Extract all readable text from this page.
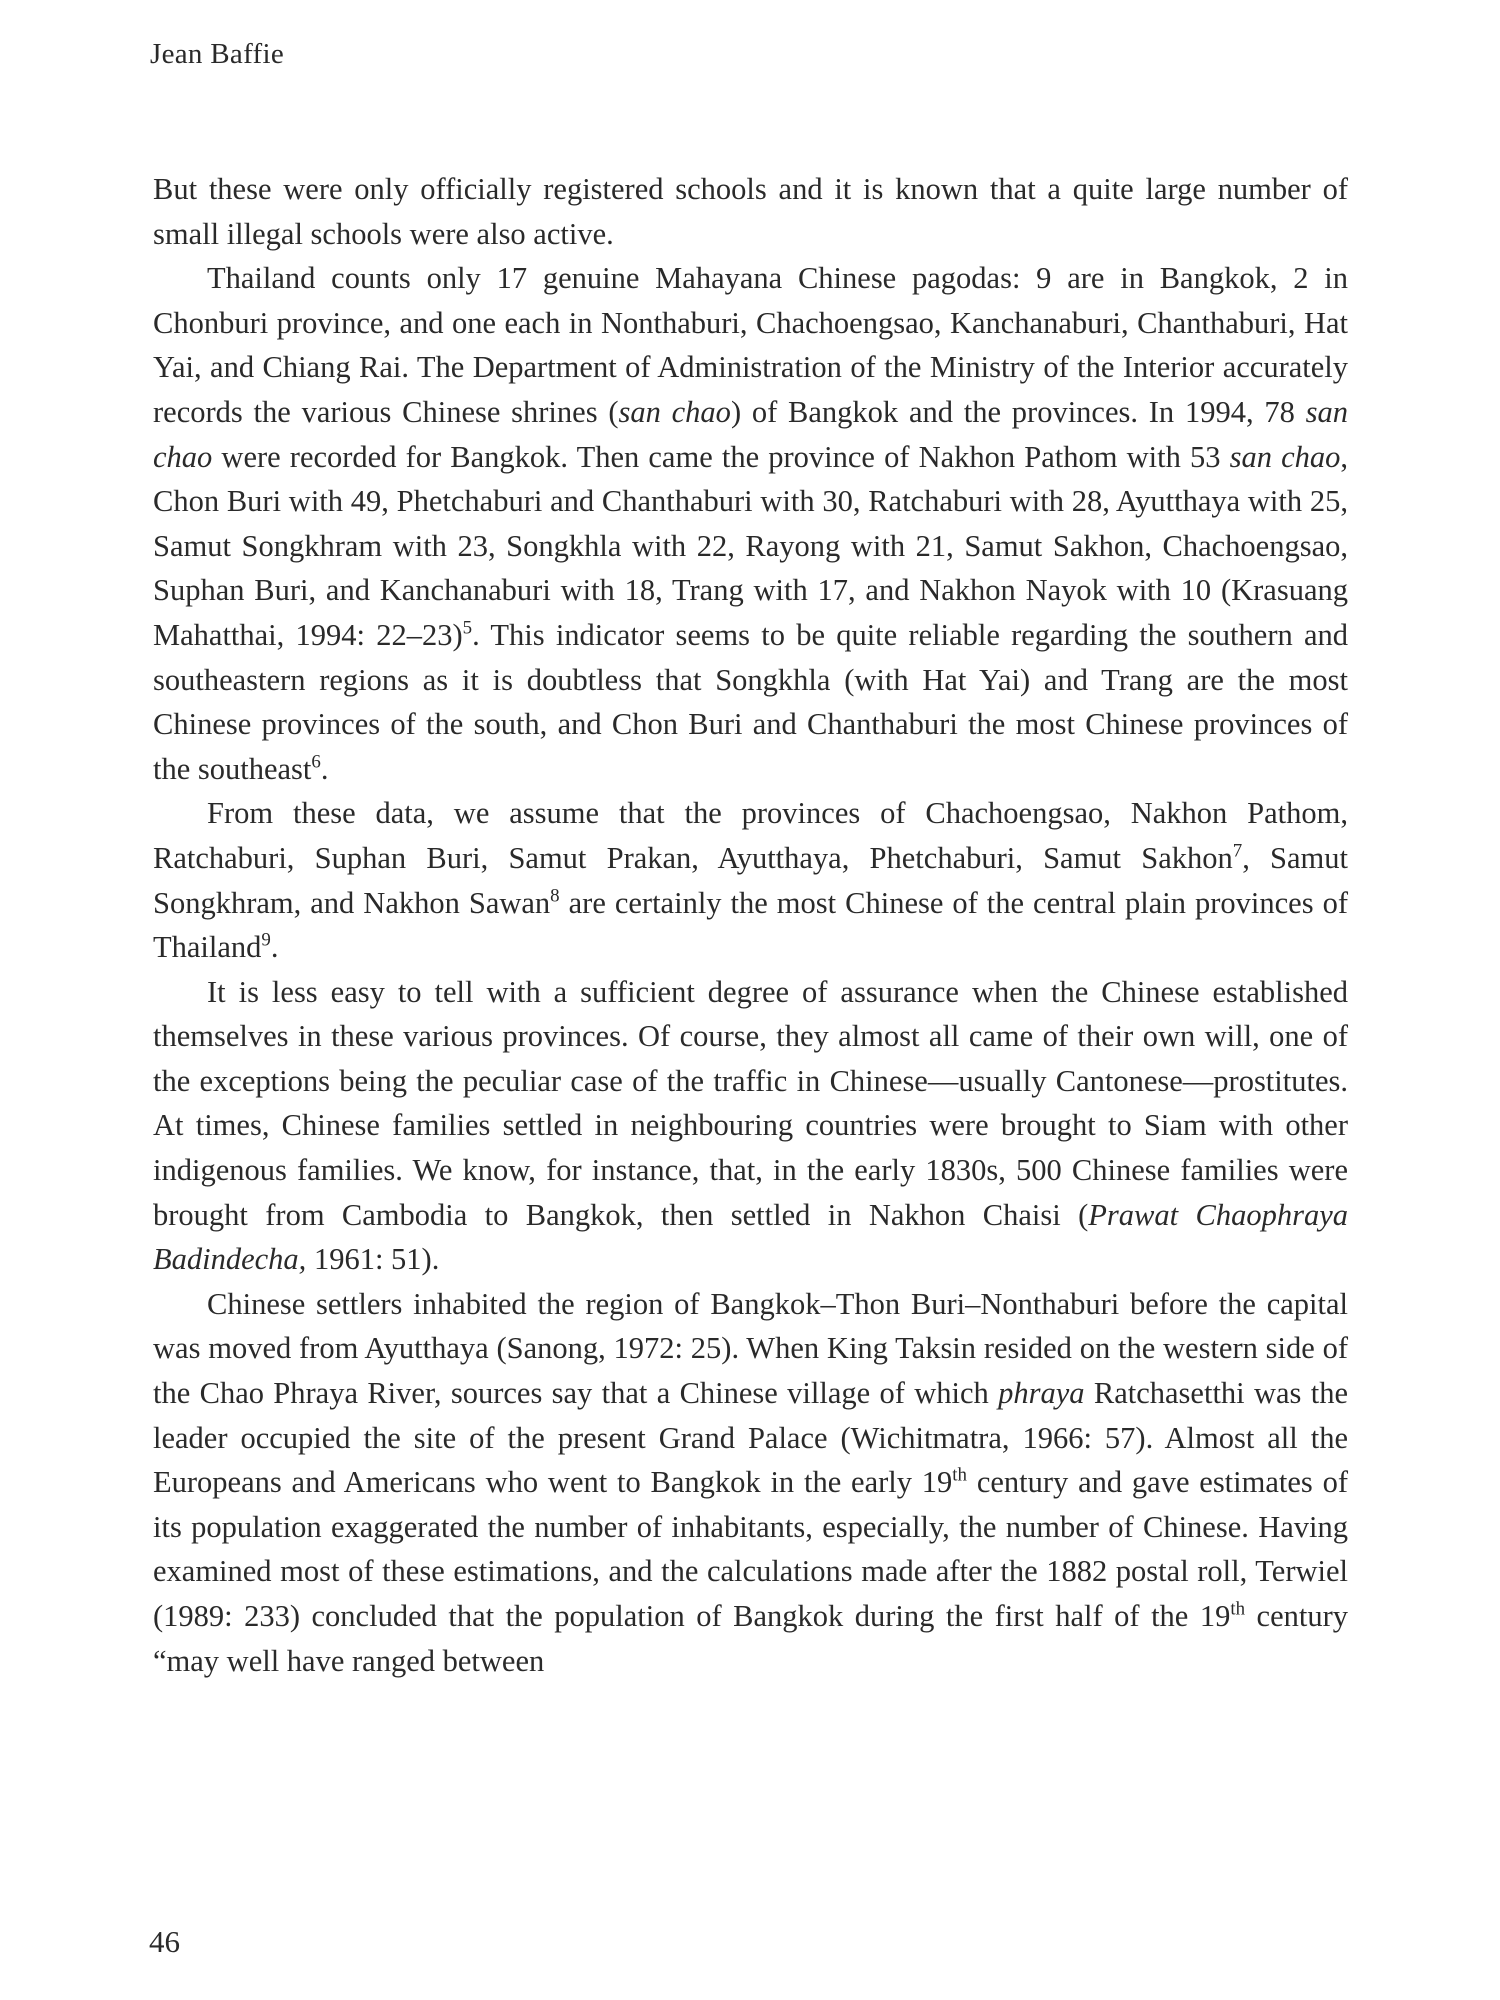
Jean Baffie

But these were only officially registered schools and it is known that a quite large number of small illegal schools were also active.

Thailand counts only 17 genuine Mahayana Chinese pagodas: 9 are in Bangkok, 2 in Chonburi province, and one each in Nonthaburi, Chachoengsao, Kanchanaburi, Chanthaburi, Hat Yai, and Chiang Rai. The Department of Administration of the Ministry of the Interior accurately records the various Chinese shrines (san chao) of Bangkok and the provinces. In 1994, 78 san chao were recorded for Bangkok. Then came the province of Nakhon Pathom with 53 san chao, Chon Buri with 49, Phetchaburi and Chanthaburi with 30, Ratchaburi with 28, Ayutthaya with 25, Samut Songkhram with 23, Songkhla with 22, Rayong with 21, Samut Sakhon, Chachoengsao, Suphan Buri, and Kanchanaburi with 18, Trang with 17, and Nakhon Nayok with 10 (Krasuang Mahatthai, 1994: 22–23)$^5$. This indicator seems to be quite reliable regarding the southern and southeastern regions as it is doubtless that Songkhla (with Hat Yai) and Trang are the most Chinese provinces of the south, and Chon Buri and Chanthaburi the most Chinese provinces of the southeast$^6$.

From these data, we assume that the provinces of Chachoengsao, Nakhon Pathom, Ratchaburi, Suphan Buri, Samut Prakan, Ayutthaya, Phetchaburi, Samut Sakhon$^7$, Samut Songkhram, and Nakhon Sawan$^8$ are certainly the most Chinese of the central plain provinces of Thailand$^9$.

It is less easy to tell with a sufficient degree of assurance when the Chinese established themselves in these various provinces. Of course, they almost all came of their own will, one of the exceptions being the peculiar case of the traffic in Chinese—usually Cantonese—prostitutes. At times, Chinese families settled in neighbouring countries were brought to Siam with other indigenous families. We know, for instance, that, in the early 1830s, 500 Chinese families were brought from Cambodia to Bangkok, then settled in Nakhon Chaisi (Prawat Chaophraya Badindecha, 1961: 51).

Chinese settlers inhabited the region of Bangkok–Thon Buri–Nonthaburi before the capital was moved from Ayutthaya (Sanong, 1972: 25). When King Taksin resided on the western side of the Chao Phraya River, sources say that a Chinese village of which phraya Ratchasetthi was the leader occupied the site of the present Grand Palace (Wichitmatra, 1966: 57). Almost all the Europeans and Americans who went to Bangkok in the early 19th century and gave estimates of its population exaggerated the number of inhabitants, especially, the number of Chinese. Having examined most of these estimations, and the calculations made after the 1882 postal roll, Terwiel (1989: 233) concluded that the population of Bangkok during the first half of the 19th century “may well have ranged between

46
